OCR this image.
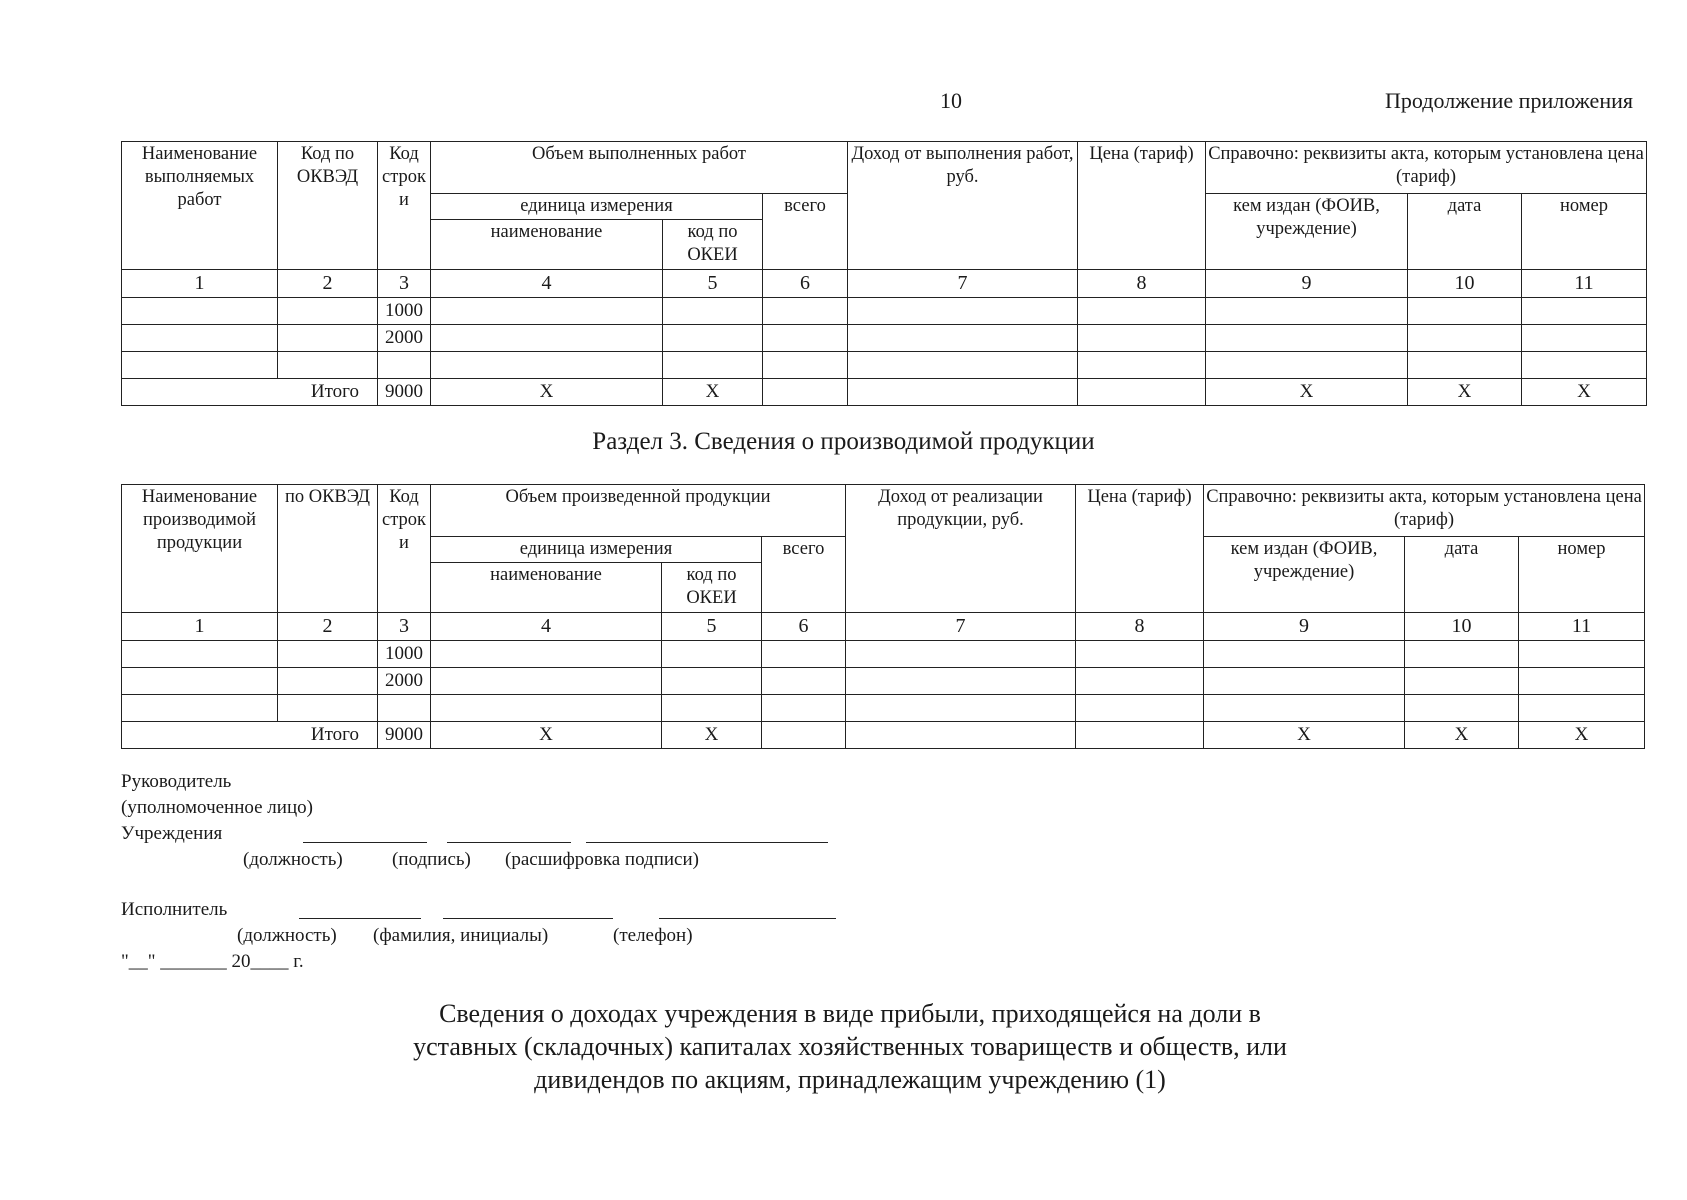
10	Продолжение приложения
Наименование выполняемых работ	Код по ОКВЭД	Код строк и	Объем выполненных работ			Доход от выполнения работ, руб.	Цена (тариф)	Справочно: реквизиты акта, которым установлена цена (тариф)		
			единица измерения		всего			кем издан (ФОИВ, учреждение)	дата	номер
			наименование	код по ОКЕИ						
1	2	3	4	5	6	7	8	9	10	11
		1000								
		2000								

Итого		9000	X	X				X	X	X
Раздел 3. Сведения о производимой продукции
Наименование производимой продукции	по ОКВЭД	Код строк и	Объем произведенной продукции			Доход от реализации продукции, руб.	Цена (тариф)	Справочно: реквизиты акта, которым установлена цена (тариф)		
			единица измерения		всего			кем издан (ФОИВ, учреждение)	дата	номер
			наименование	код по ОКЕИ						
1	2	3	4	5	6	7	8	9	10	11
		1000								
		2000								

Итого		9000	X	X				X	X	X
Руководитель
(уполномоченное лицо)
Учреждения
(должность)	(подпись) (расшифровка подписи)
Исполнитель
(должность) (фамилия, инициалы)	(телефон)
"__" _______ 20____ г.
Сведения о доходах учреждения в виде прибыли, приходящейся на доли в
уставных (складочных) капиталах хозяйственных товариществ и обществ, или
дивидендов по акциям, принадлежащим учреждению (1)
